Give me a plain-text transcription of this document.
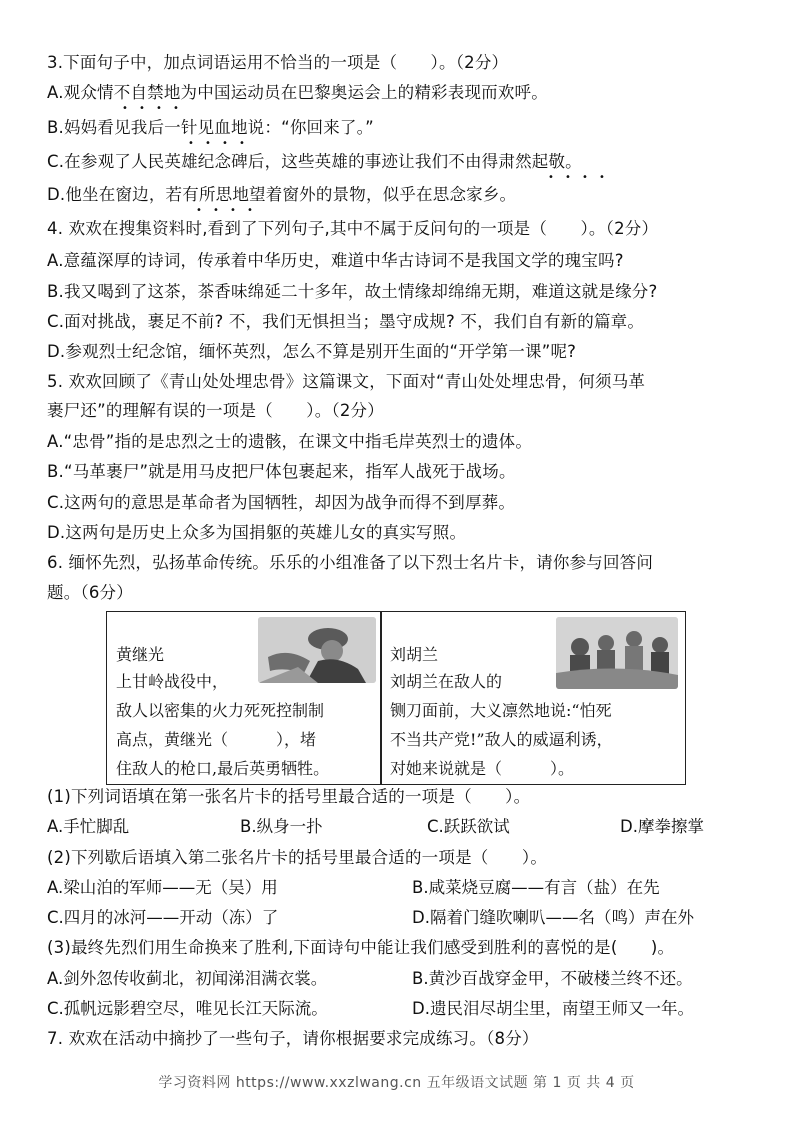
3.下面句子中，加点词语运用不恰当的一项是（　　）。（2分）
A.观众情不自禁地为中国运动员在巴黎奥运会上的精彩表现而欢呼。
B.妈妈看见我后一针见血地说：“你回来了。”
C.在参观了人民英雄纪念碑后，这些英雄的事迹让我们不由得肃然起敬。
D.他坐在窗边，若有所思地望着窗外的景物，似乎在思念家乡。
• • • •
• • • •
• • • •
• • • •
4. 欢欢在搜集资料时,看到了下列句子,其中不属于反问句的一项是（　　）。（2分）
A.意蕴深厚的诗词，传承着中华历史，难道中华古诗词不是我国文学的瑰宝吗?
B.我又喝到了这茶，茶香味绵延二十多年，故土情缘却绵绵无期，难道这就是缘分?
C.面对挑战，裹足不前? 不，我们无惧担当；墨守成规? 不，我们自有新的篇章。
D.参观烈士纪念馆，缅怀英烈，怎么不算是别开生面的“开学第一课”呢?
5. 欢欢回顾了《青山处处埋忠骨》这篇课文，下面对“青山处处埋忠骨，何须马革
裹尸还”的理解有误的一项是（　　）。（2分）
A.“忠骨”指的是忠烈之士的遗骸，在课文中指毛岸英烈士的遗体。
B.“马革裹尸”就是用马皮把尸体包裹起来，指军人战死于战场。
C.这两句的意思是革命者为国牺牲，却因为战争而得不到厚葬。
D.这两句是历史上众多为国捐躯的英雄儿女的真实写照。
6. 缅怀先烈，弘扬革命传统。乐乐的小组准备了以下烈士名片卡，请你参与回答问
题。（6分）
黄继光
上甘岭战役中，
敌人以密集的火力死死控制制
高点，黄继光（　　　），堵
住敌人的枪口,最后英勇牺牲。
刘胡兰
刘胡兰在敌人的
铡刀面前，大义凛然地说:“怕死
不当共产党!”敌人的威逼利诱，
对她来说就是（　　　）。
(1)下列词语填在第一张名片卡的括号里最合适的一项是（　　）。
A.手忙脚乱	B.纵身一扑	C.跃跃欲试	D.摩拳擦掌
(2)下列歇后语填入第二张名片卡的括号里最合适的一项是（　　）。
A.梁山泊的军师——无（吴）用	B.咸菜烧豆腐——有言（盐）在先
C.四月的冰河——开动（冻）了	D.隔着门缝吹喇叭——名（鸣）声在外
(3)最终先烈们用生命换来了胜利,下面诗句中能让我们感受到胜利的喜悦的是(　　)。
A.剑外忽传收蓟北，初闻涕泪满衣裳。	B.黄沙百战穿金甲，不破楼兰终不还。
C.孤帆远影碧空尽，唯见长江天际流。	D.遗民泪尽胡尘里，南望王师又一年。
7. 欢欢在活动中摘抄了一些句子，请你根据要求完成练习。（8分）
学习资料网 https://www.xxzlwang.cn 五年级语文试题 第 1 页 共 4 页
